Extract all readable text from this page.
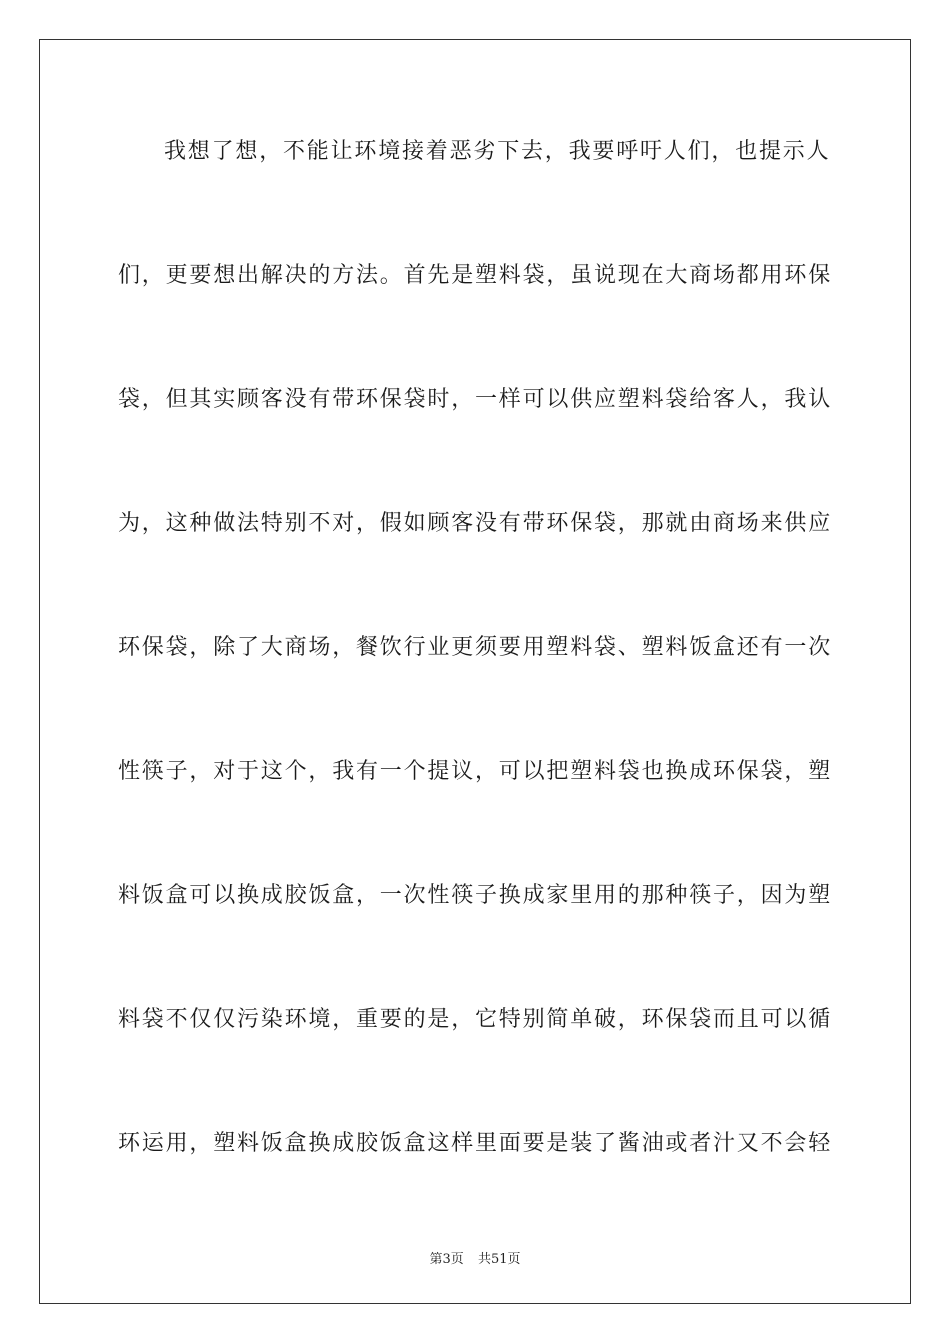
我想了想，不能让环境接着恶劣下去，我要呼吁人们，也提示人
们，更要想出解决的方法。首先是塑料袋，虽说现在大商场都用环保
袋，但其实顾客没有带环保袋时，一样可以供应塑料袋给客人，我认
为，这种做法特别不对，假如顾客没有带环保袋，那就由商场来供应
环保袋，除了大商场，餐饮行业更须要用塑料袋、塑料饭盒还有一次
性筷子，对于这个，我有一个提议，可以把塑料袋也换成环保袋，塑
料饭盒可以换成胶饭盒，一次性筷子换成家里用的那种筷子，因为塑
料袋不仅仅污染环境，重要的是，它特别简单破，环保袋而且可以循
环运用，塑料饭盒换成胶饭盒这样里面要是装了酱油或者汁又不会轻
第3页 共51页
